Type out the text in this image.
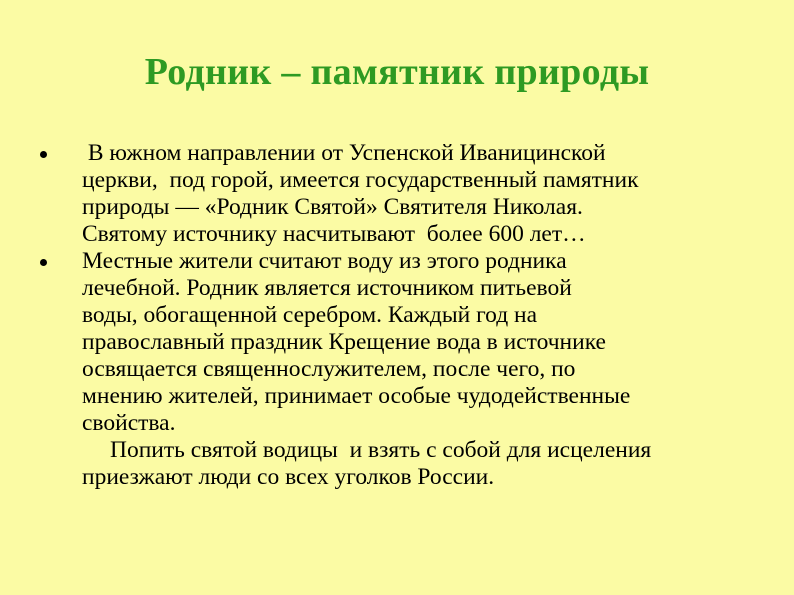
Родник – памятник природы
В южном направлении от Успенской Иваницинской
церкви,  под горой, имеется государственный памятник
природы — «Родник Святой» Святителя Николая.
Святому источнику насчитывают  более 600 лет…
Местные жители считают воду из этого родника
лечебной. Родник является источником питьевой
воды, обогащенной серебром. Каждый год на
православный праздник Крещение вода в источнике
освящается священнослужителем, после чего, по
мнению жителей, принимает особые чудодейственные
свойства.
Попить святой водицы  и взять с собой для исцеления
приезжают люди со всех уголков России.
